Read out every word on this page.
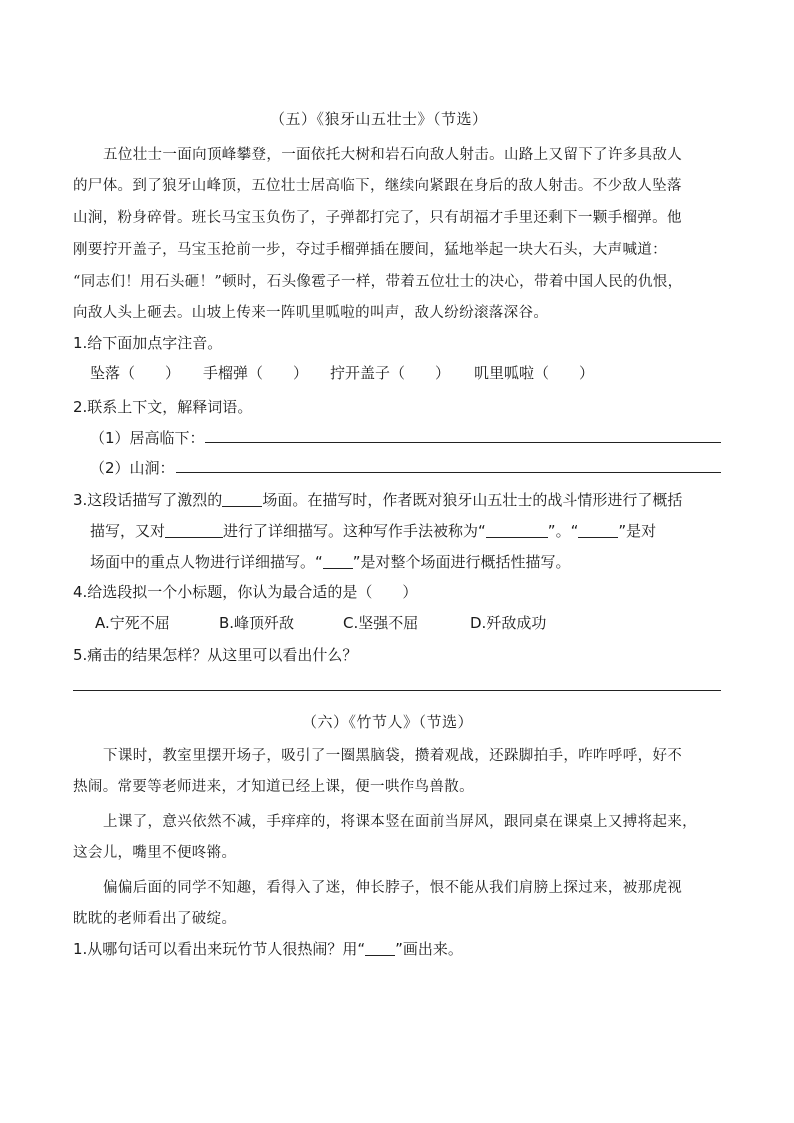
（五）《狼牙山五壮士》（节选）
五位壮士一面向顶峰攀登，一面依托大树和岩石向敌人射击。山路上又留下了许多具敌人
的尸体。到了狼牙山峰顶，五位壮士居高临下，继续向紧跟在身后的敌人射击。不少敌人坠落
山涧，粉身碎骨。班长马宝玉负伤了，子弹都打完了，只有胡福才手里还剩下一颗手榴弹。他
刚要拧开盖子，马宝玉抢前一步，夺过手榴弹插在腰间，猛地举起一块大石头，大声喊道：
“同志们！用石头砸！”顿时，石头像雹子一样，带着五位壮士的决心，带着中国人民的仇恨，
向敌人头上砸去。山坡上传来一阵叽里呱啦的叫声，敌人纷纷滚落深谷。
1.给下面加点字注音。
坠落（　　） 手榴弹（　　） 拧开盖子（　　） 叽里呱啦（　　）
2.联系上下文，解释词语。
（1）居高临下：
（2）山涧：
3.这段话描写了激烈的	场面。在描写时，作者既对狼牙山五壮士的战斗情形进行了概括
描写，又对	进行了详细描写。这种写作手法被称为“	”。“	”是对
场面中的重点人物进行详细描写。“ ”是对整个场面进行概括性描写。
4.给选段拟一个小标题，你认为最合适的是（　　）
A.宁死不屈	B.峰顶歼敌	C.坚强不屈	D.歼敌成功
5.痛击的结果怎样？从这里可以看出什么？
（六）《竹节人》（节选）
下课时，教室里摆开场子，吸引了一圈黑脑袋，攒着观战，还跺脚拍手，咋咋呼呼，好不
热闹。常要等老师进来，才知道已经上课，便一哄作鸟兽散。
上课了，意兴依然不减，手痒痒的，将课本竖在面前当屏风，跟同桌在课桌上又搏将起来，
这会儿，嘴里不便咚锵。
偏偏后面的同学不知趣，看得入了迷，伸长脖子，恨不能从我们肩膀上探过来，被那虎视
眈眈的老师看出了破绽。
1.从哪句话可以看出来玩竹节人很热闹？用“ ”画出来。
